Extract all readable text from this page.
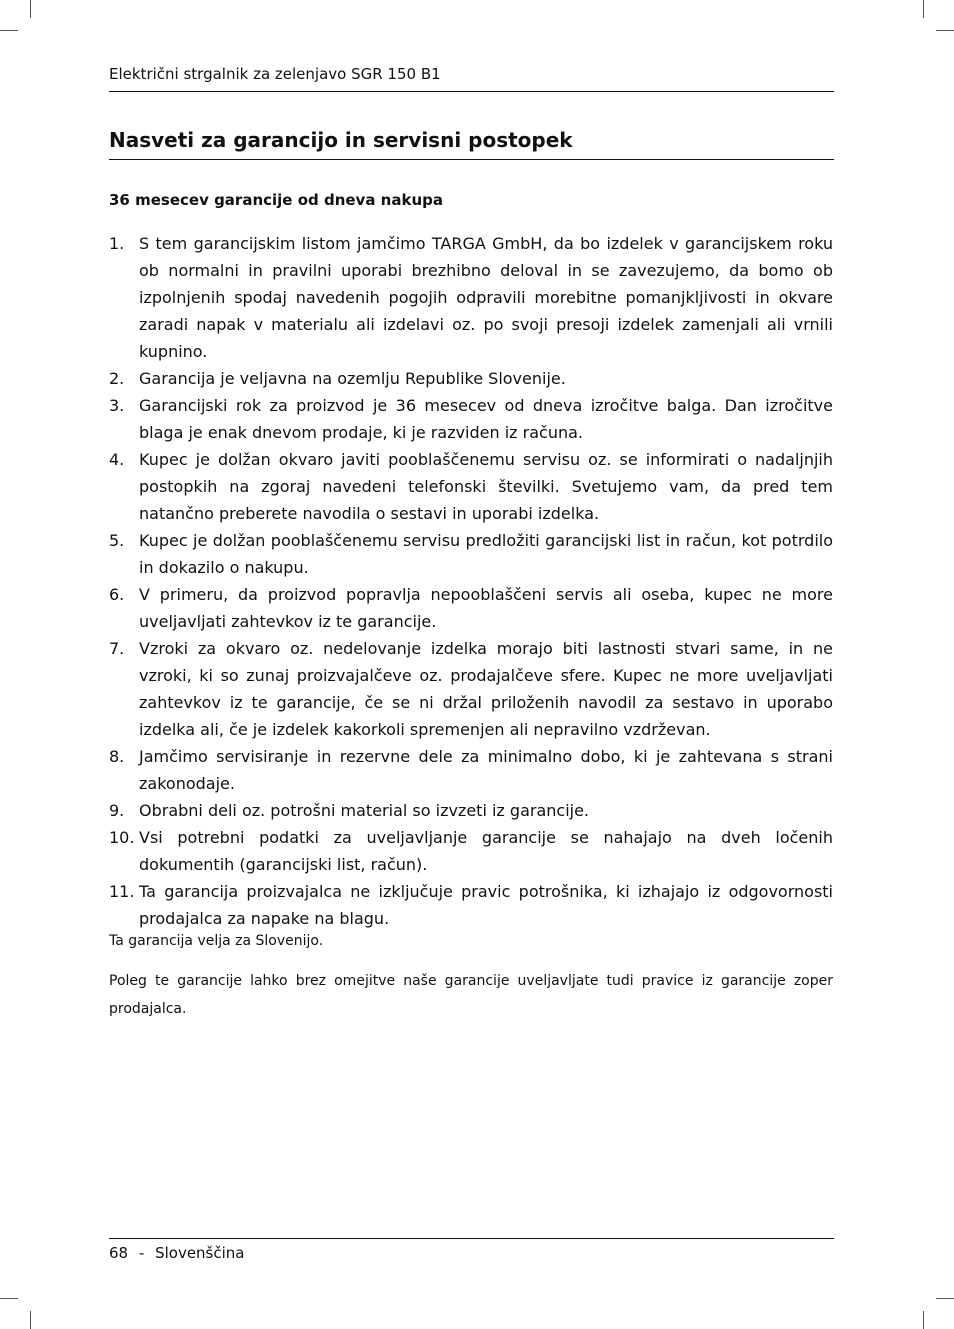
Električni strgalnik za zelenjavo SGR 150 B1
Nasveti za garancijo in servisni postopek
36 mesecev garancije od dneva nakupa
1. S tem garancijskim listom jamčimo TARGA GmbH, da bo izdelek v garancijskem roku ob normalni in pravilni uporabi brezhibno deloval in se zavezujemo, da bomo ob izpolnjenih spodaj navedenih pogojih odpravili morebitne pomanjkljivosti in okvare zaradi napak v materialu ali izdelavi oz. po svoji presoji izdelek zamenjali ali vrnili kupnino.
2. Garancija je veljavna na ozemlju Republike Slovenije.
3. Garancijski rok za proizvod je 36 mesecev od dneva izročitve balga. Dan izročitve blaga je enak dnevom prodaje, ki je razviden iz računa.
4. Kupec je dolžan okvaro javiti pooblaščenemu servisu oz. se informirati o nadaljnjih postopkih na zgoraj navedeni telefonski številki. Svetujemo vam, da pred tem natančno preberete navodila o sestavi in uporabi izdelka.
5. Kupec je dolžan pooblaščenemu servisu predložiti garancijski list in račun, kot potrdilo in dokazilo o nakupu.
6. V primeru, da proizvod popravlja nepooblaščeni servis ali oseba, kupec ne more uveljavljati zahtevkov iz te garancije.
7. Vzroki za okvaro oz. nedelovanje izdelka morajo biti lastnosti stvari same, in ne vzroki, ki so zunaj proizvajalčeve oz. prodajalčeve sfere. Kupec ne more uveljavljati zahtevkov iz te garancije, če se ni držal priloženih navodil za sestavo in uporabo izdelka ali, če je izdelek kakorkoli spremenjen ali nepravilno vzdrževan.
8. Jamčimo servisiranje in rezervne dele za minimalno dobo, ki je zahtevana s strani zakonodaje.
9. Obrabni deli oz. potrošni material so izvzeti iz garancije.
10. Vsi potrebni podatki za uveljavljanje garancije se nahajajo na dveh ločenih dokumentih (garancijski list, račun).
11. Ta garancija proizvajalca ne izključuje pravic potrošnika, ki izhajajo iz odgovornosti prodajalca za napake na blagu.
Ta garancija velja za Slovenijo.
Poleg te garancije lahko brez omejitve naše garancije uveljavljate tudi pravice iz garancije zoper prodajalca.
68 - Slovenščina
